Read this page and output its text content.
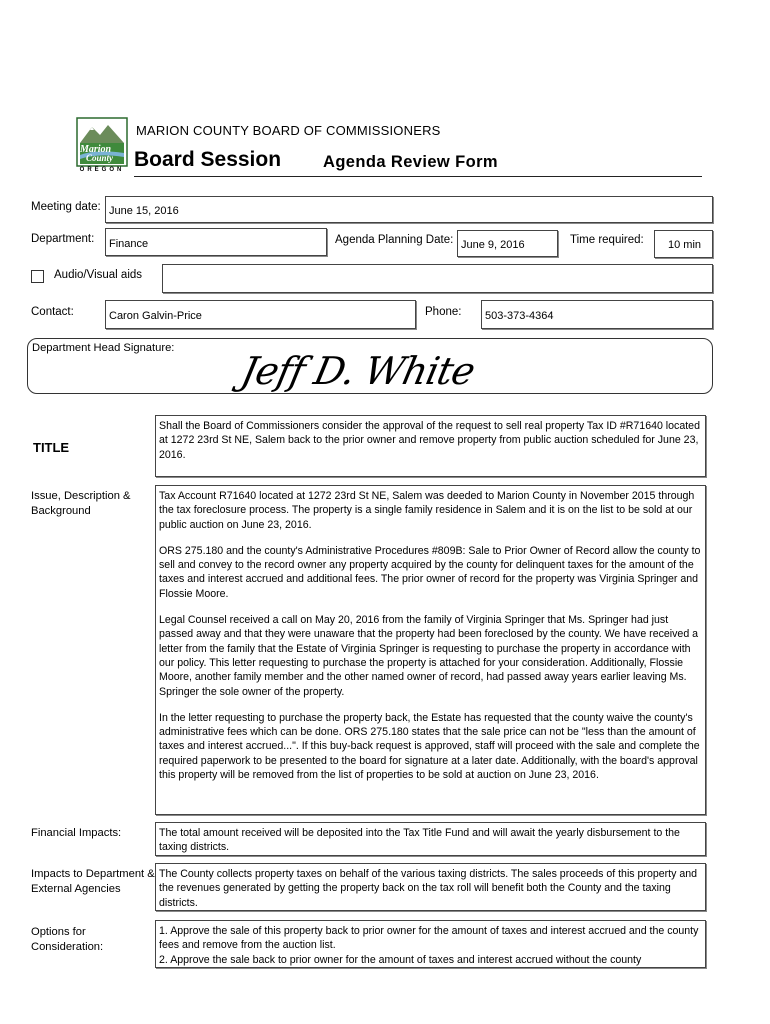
Marion
County
OREGON
MARION COUNTY BOARD OF COMMISSIONERS
Board Session	Agenda Review Form
Meeting date: June 15, 2016
Department: Finance	Agenda Planning Date: June 9, 2016	Time required: 10 min
Audio/Visual aids
Contact:	Caron Galvin-Price	Phone: 503-373-4364
Department Head Signature:
Jeff D. White
TITLE
Shall the Board of Commissioners consider the approval of the request to sell real property Tax ID #R71640 located at 1272 23rd St NE, Salem back to the prior owner and remove property from public auction scheduled for June 23, 2016.
Issue, Description & Background

Tax Account R71640 located at 1272 23rd St NE, Salem was deeded to Marion County in November 2015 through the tax foreclosure process. The property is a single family residence in Salem and it is on the list to be sold at our public auction on June 23, 2016.

ORS 275.180 and the county's Administrative Procedures #809B: Sale to Prior Owner of Record allow the county to sell and convey to the record owner any property acquired by the county for delinquent taxes for the amount of the taxes and interest accrued and additional fees. The prior owner of record for the property was Virginia Springer and Flossie Moore.

Legal Counsel received a call on May 20, 2016 from the family of Virginia Springer that Ms. Springer had just passed away and that they were unaware that the property had been foreclosed by the county. We have received a letter from the family that the Estate of Virginia Springer is requesting to purchase the property in accordance with our policy. This letter requesting to purchase the property is attached for your consideration. Additionally, Flossie Moore, another family member and the other named owner of record, had passed away years earlier leaving Ms. Springer the sole owner of the property.

In the letter requesting to purchase the property back, the Estate has requested that the county waive the county's administrative fees which can be done. ORS 275.180 states that the sale price can not be "less than the amount of taxes and interest accrued...". If this buy-back request is approved, staff will proceed with the sale and complete the required paperwork to be presented to the board for signature at a later date. Additionally, with the board's approval this property will be removed from the list of properties to be sold at auction on June 23, 2016.

Financial Impacts:	The total amount received will be deposited into the Tax Title Fund and will await the yearly disbursement to the taxing districts.
Impacts to Department & External Agencies
The County collects property taxes on behalf of the various taxing districts. The sales proceeds of this property and the revenues generated by getting the property back on the tax roll will benefit both the County and the taxing districts.
Options for Consideration:
1. Approve the sale of this property back to prior owner for the amount of taxes and interest accrued and the county fees and remove from the auction list.
2. Approve the sale back to prior owner for the amount of taxes and interest accrued without the county
